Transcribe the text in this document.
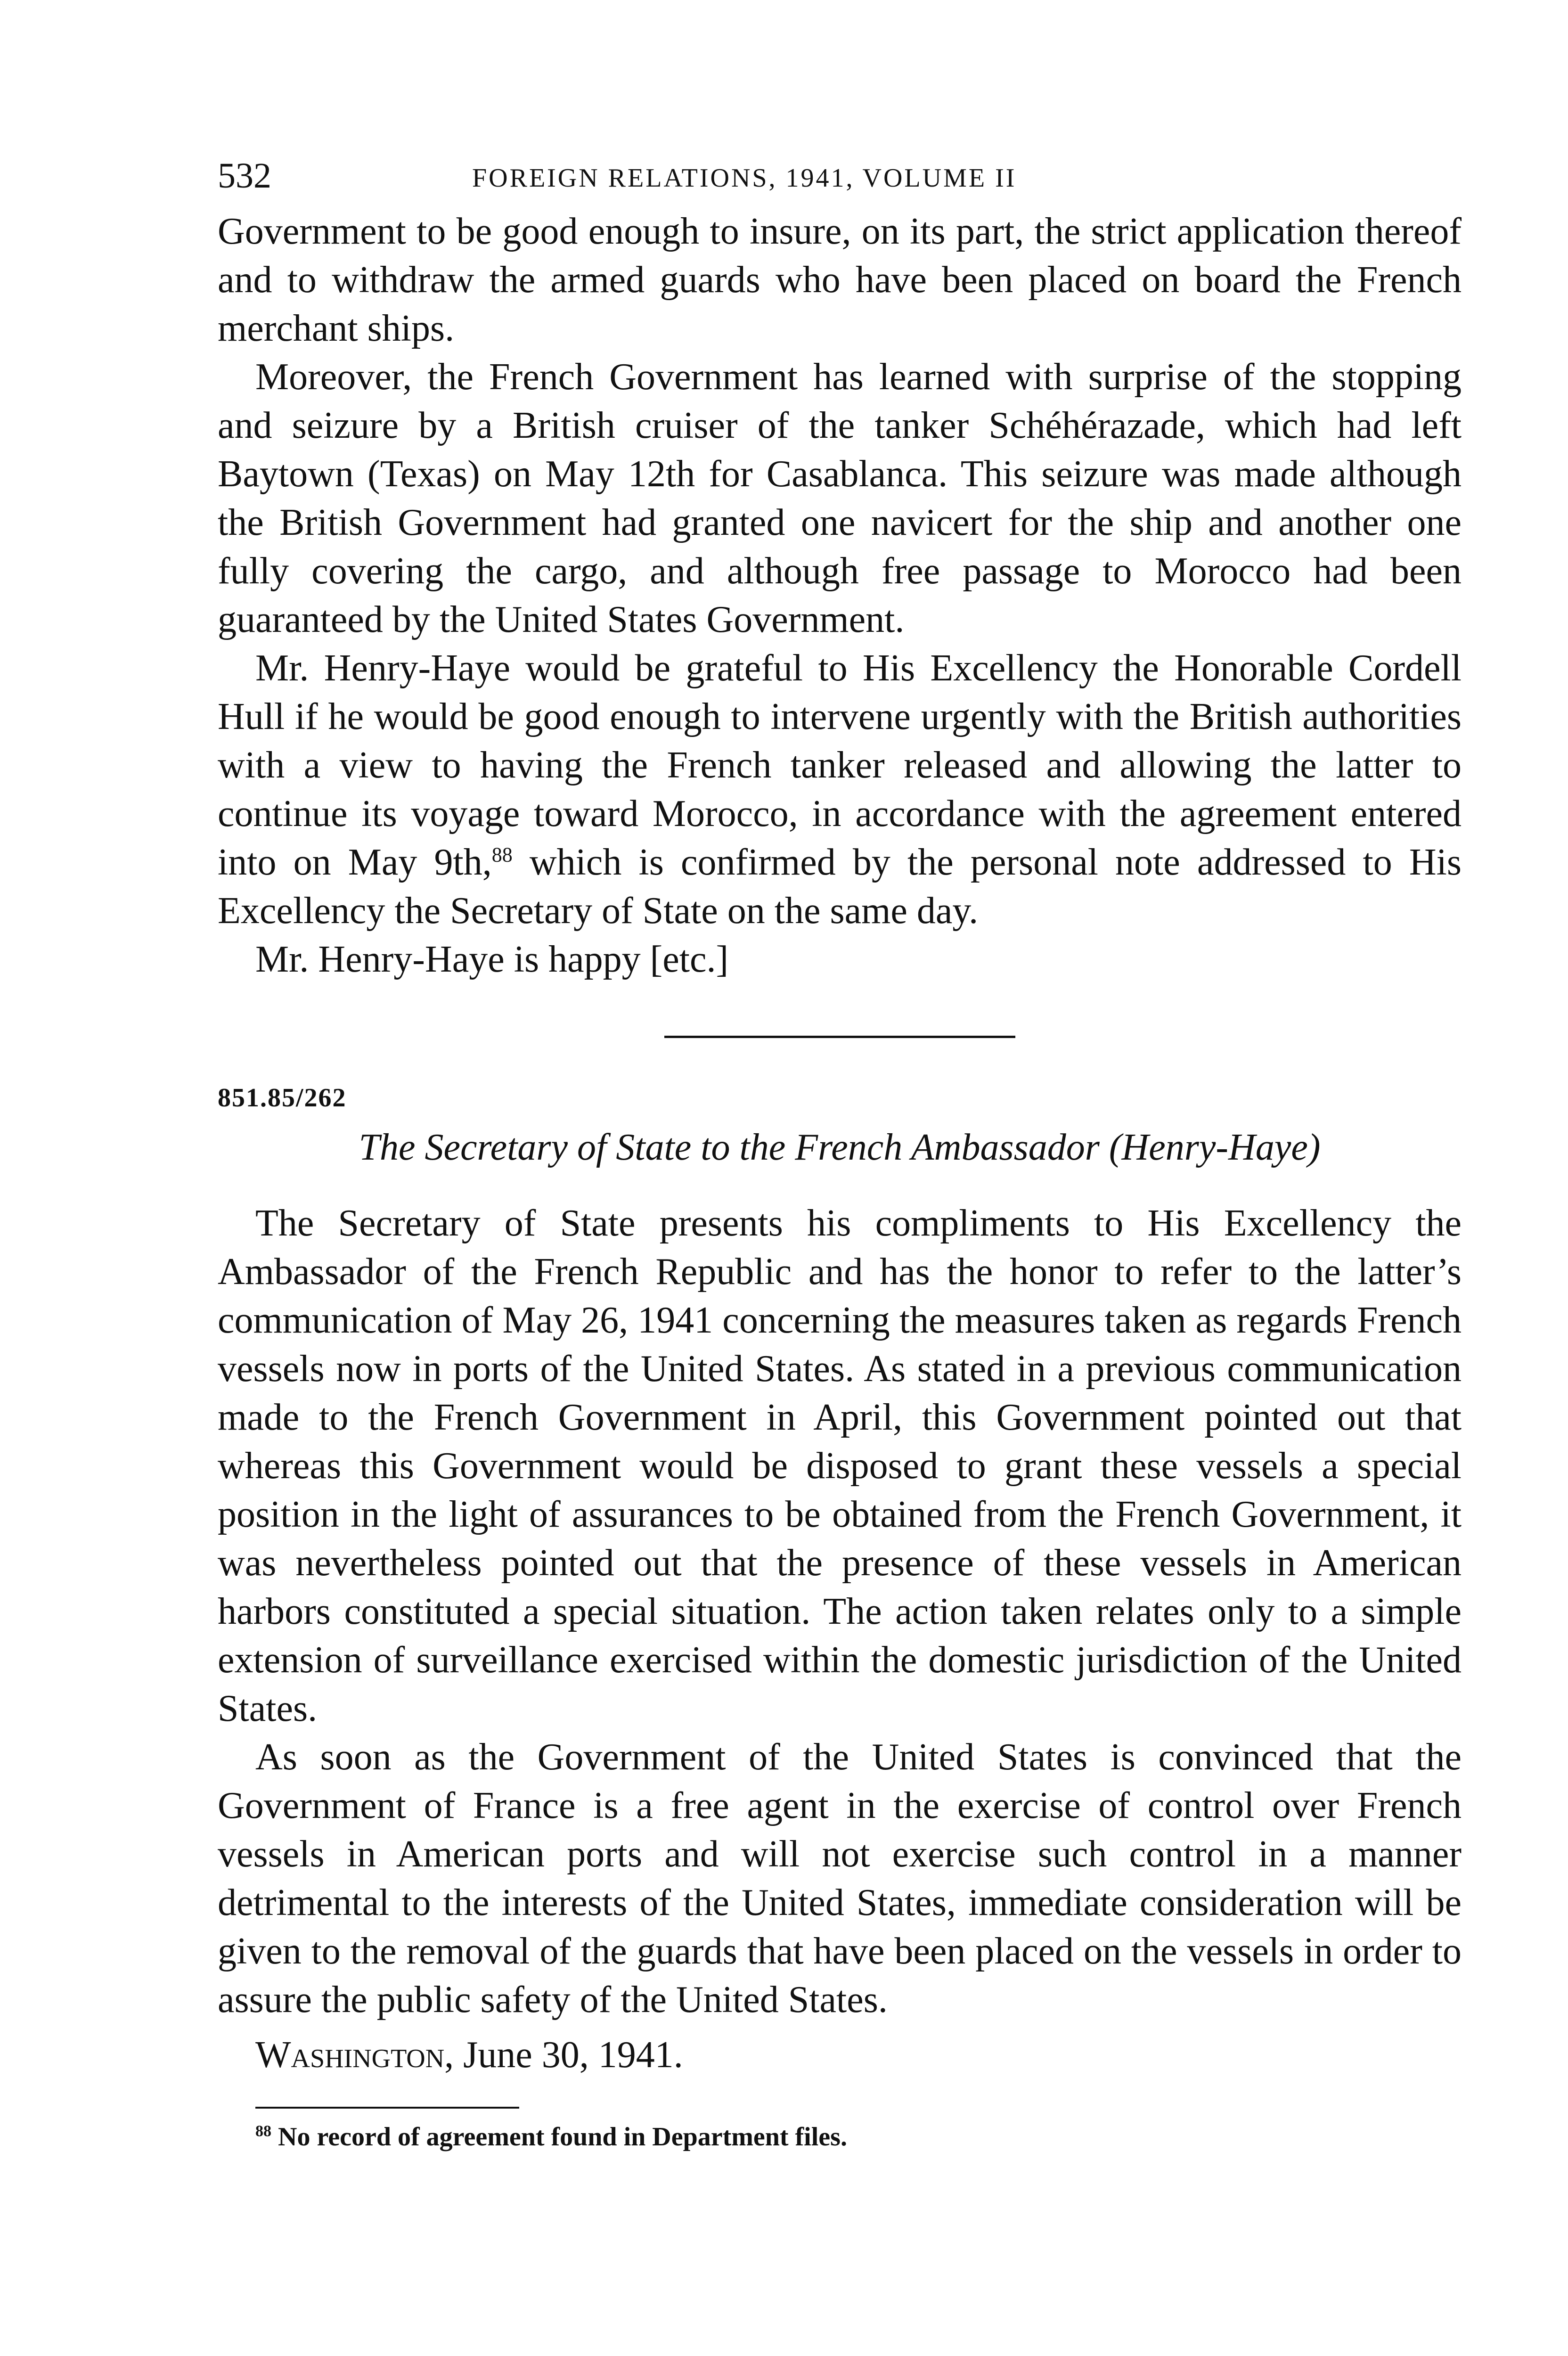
532	FOREIGN RELATIONS, 1941, VOLUME II

Government to be good enough to insure, on its part, the strict application thereof and to withdraw the armed guards who have been placed on board the French merchant ships.

Moreover, the French Government has learned with surprise of the stopping and seizure by a British cruiser of the tanker Schéhérazade, which had left Baytown (Texas) on May 12th for Casablanca. This seizure was made although the British Government had granted one navicert for the ship and another one fully covering the cargo, and although free passage to Morocco had been guaranteed by the United States Government.

Mr. Henry-Haye would be grateful to His Excellency the Honorable Cordell Hull if he would be good enough to intervene urgently with the British authorities with a view to having the French tanker released and allowing the latter to continue its voyage toward Morocco, in accordance with the agreement entered into on May 9th,$^{88}$ which is confirmed by the personal note addressed to His Excellency the Secretary of State on the same day.

Mr. Henry-Haye is happy [etc.]

851.85/262
The Secretary of State to the French Ambassador (Henry-Haye)

The Secretary of State presents his compliments to His Excellency the Ambassador of the French Republic and has the honor to refer to the latter’s communication of May 26, 1941 concerning the measures taken as regards French vessels now in ports of the United States. As stated in a previous communication made to the French Government in April, this Government pointed out that whereas this Government would be disposed to grant these vessels a special position in the light of assurances to be obtained from the French Government, it was nevertheless pointed out that the presence of these vessels in American harbors constituted a special situation. The action taken relates only to a simple extension of surveillance exercised within the domestic jurisdiction of the United States.

As soon as the Government of the United States is convinced that the Government of France is a free agent in the exercise of control over French vessels in American ports and will not exercise such control in a manner detrimental to the interests of the United States, immediate consideration will be given to the removal of the guards that have been placed on the vessels in order to assure the public safety of the United States.

Washington, June 30, 1941.
$^{88}$ No record of agreement found in Department files.
